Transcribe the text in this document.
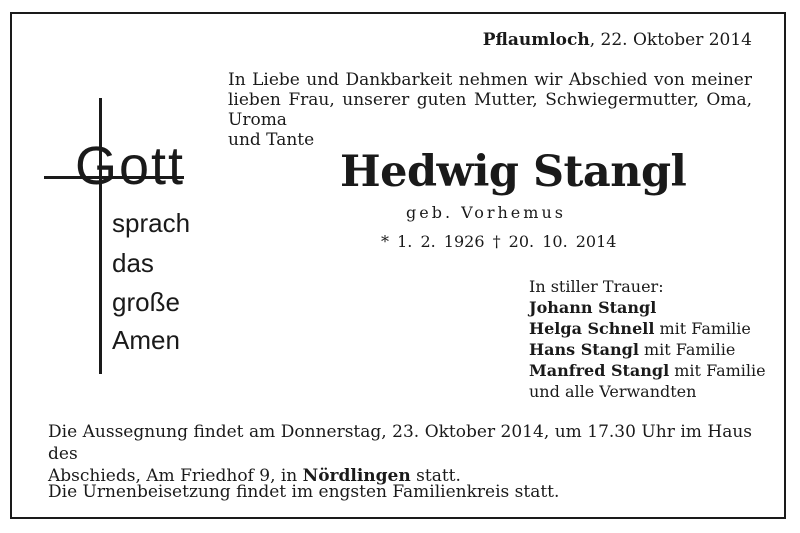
Pflaumloch, 22. Oktober 2014
In Liebe und Dankbarkeit nehmen wir Abschied von meiner
lieben Frau, unserer guten Mutter, Schwiegermutter, Oma, Uroma
und Tante
Gott
sprach
das
große
Amen
Hedwig Stangl
geb. Vorhemus
* 1. 2. 1926 † 20. 10. 2014
In stiller Trauer:
Johann Stangl
Helga Schnell mit Familie
Hans Stangl mit Familie
Manfred Stangl mit Familie
und alle Verwandten
Die Aussegnung findet am Donnerstag, 23. Oktober 2014, um 17.30 Uhr im Haus des
Abschieds, Am Friedhof 9, in Nördlingen statt.
Die Urnenbeisetzung findet im engsten Familienkreis statt.
